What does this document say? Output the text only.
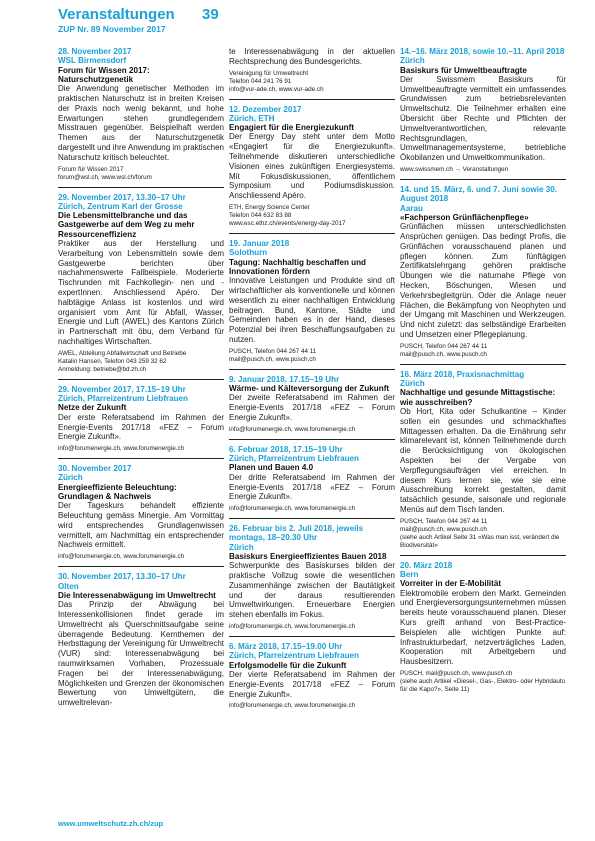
Veranstaltungen 39
ZUP Nr. 89 November 2017
28. November 2017
WSL Birmensdorf
Forum für Wissen 2017: Naturschutzgenetik
Die Anwendung genetischer Methoden im praktischen Naturschutz ist in breiten Kreisen der Praxis noch wenig bekannt, und hohe Erwartungen stehen grundlegendem Misstrauen gegenüber. Beispielhaft werden Themen aus der Naturschutzgenetik dargestellt und ihre Anwendung im praktischen Naturschutz kritisch beleuchtet.
Forum für Wissen 2017
forum@wsl.ch, www.wsl.ch/forum
29. November 2017, 13.30–17 Uhr
Zürich, Zentrum Karl der Grosse
Die Lebensmittelbranche und das Gastgewerbe auf dem Weg zu mehr Ressourceneffizienz
Praktiker aus der Herstellung und Verarbeitung von Lebensmitteln sowie dem Gastgewerbe berichten über nachahmenswerte Fallbeispiele. Moderierte Tischrunden mit Fachkollegin- nen und -expertInnen. Anschliessend Apéro. Der halbtägige Anlass ist kostenlos und wird organisiert vom Amt für Abfall, Wasser, Energie und Luft (AWEL) des Kantons Zürich in Partnerschaft mit öbu, dem Verband für nachhaltiges Wirtschaften.
AWEL, Abteilung Abfallwirtschaft und Betriebe
Katalin Hansen, Telefon 043 259 32 62
Anmeldung: betriebe@bd.zh.ch
29. November 2017, 17.15–19 Uhr
Zürich, Pfarreizentrum Liebfrauen
Netze der Zukunft
Der erste Referatsabend im Rahmen der Energie-Events 2017/18 «FEZ – Forum Energie Zukunft».
info@forumenergie.ch, www.forumenergie.ch
30. November 2017
Zürich
Energieeffiziente Beleuchtung: Grundlagen & Nachweis
Der Tageskurs behandelt effiziente Beleuchtung gemäss Minergie. Am Vormittag wird entsprechendes Grundlagenwissen vermittelt, am Nachmittag ein entsprechender Nachweis ermittelt.
info@forumenergie.ch, www.forumenergie.ch
30. November 2017, 13.30–17 Uhr
Olten
Die Interessenabwägung im Umweltrecht
Das Prinzip der Abwägung bei Interessenkollisionen findet gerade im Umweltrecht als Querschnittsaufgabe seine überragende Bedeutung. Kernthemen der Herbsttagung der Vereinigung für Umweltrecht (VUR) sind: Interessenabwägung bei raumwirksamen Vorhaben, Prozessuale Fragen bei der Interessenabwägung, Möglichkeiten und Grenzen der ökonomischen Bewertung von Umweltgütern, die umweltrelevan-
te Interessenabwägung in der aktuellen Rechtsprechung des Bundesgerichts.
Vereinigung für Umweltrecht
Telefon 044 241 76 91
info@vur-ade.ch, www.vur-ade.ch
12. Dezember 2017
Zürich, ETH
Engagiert für die Energiezukunft
Der Energy Day steht unter dem Motto «Engagiert für die Energiezukunft». Teilnehmende diskutieren unterschiedliche Visionen eines zukünftigen Energiesystems. Mit Fokusdiskussionen, öffentlichem Symposium und Podiumsdiskussion. Anschliessend Apéro.
ETH, Energy Science Center
Telefon 044 632 83 88
www.esc.ethz.ch/events/energy-day-2017
19. Januar 2018
Solothurn
Tagung: Nachhaltig beschaffen und Innovationen fördern
Innovative Leistungen und Produkte sind oft wirtschaftlicher als konventionelle und können wesentlich zu einer nachhaltigen Entwicklung beitragen. Bund, Kantone, Städte und Gemeinden haben es in der Hand, dieses Potenzial bei ihren Beschaffungsaufgaben zu nutzen.
PUSCH, Telefon 044 267 44 11
mail@pusch.ch, www.pusch.ch
9. Januar 2018, 17.15–19 Uhr
Wärme- und Kälteversorgung der Zukunft
Der zweite Referatsabend im Rahmen der Energie-Events 2017/18 «FEZ – Forum Energie Zukunft».
info@forumenergie.ch, www.forumenergie.ch
6. Februar 2018, 17.15–19 Uhr
Zürich, Pfarreizentrum Liebfrauen
Planen und Bauen 4.0
Der dritte Referatsabend im Rahmen der Energie-Events 2017/18 «FEZ – Forum Energie Zukunft».
info@forumenergie.ch, www.forumenergie.ch
26. Februar bis 2. Juli 2018, jeweils montags, 18–20.30 Uhr
Zürich
Basiskurs Energieeffizientes Bauen 2018
Schwerpunkte des Basiskurses bilden der praktische Vollzug sowie die wesentlichen Zusammenhänge zwischen der Bautätigkeit und der daraus resultierenden Umweltwirkungen. Erneuerbare Energien stehen ebenfalls im Fokus.
info@forumenergie.ch, www.forumenergie.ch
6. März 2018, 17.15–19.00 Uhr
Zürich, Pfarreizentrum Liebfrauen
Erfolgsmodelle für die Zukunft
Der vierte Referatsabend im Rahmen der Energie-Events 2017/18 «FEZ – Forum Energie Zukunft».
info@forumenergie.ch, www.forumenergie.ch
14.–16. März 2018, sowie 10.–11. April 2018
Zürich
Basiskurs für Umweltbeauftragte
Der Swissmem Basiskurs für Umweltbeauftragte vermittelt ein umfassendes Grundwissen zum betriebsrelevanten Umweltschutz. Die Teilnehmer erhalten eine Übersicht über Rechte und Pflichten der Umweltverantwortlichen, relevante Rechtsgrundlagen, Umweltmanagementsysteme, betriebliche Ökobilanzen und Umweltkommunikation.
www.swissmem.ch → Veranstaltungen
14. und 15. März, 6. und 7. Juni sowie 30. August 2018
Aarau
«Fachperson Grünflächenpflege»
Grünflächen müssen unterschiedlichsten Ansprüchen genügen. Das bedingt Profis, die Grünflächen vorausschauend planen und pflegen können. Zum fünftägigen Zertifikatslehrgang gehören praktische Übungen wie die naturnahe Pflege von Hecken, Böschungen, Wiesen und Verkehrsbegleitgrün. Oder die Anlage neuer Flächen, die Bekämpfung von Neophyten und der Umgang mit Maschinen und Werkzeugen. Und nicht zuletzt: das selbständige Erarbeiten und Umsetzen einer Pflegeplanung.
PUSCH, Telefon 044 267 44 11
mail@pusch.ch, www.pusch.ch
16. März 2018, Praxisnachmittag
Zürich
Nachhaltige und gesunde Mittagstische: wie ausschreiben?
Ob Hort, Kita oder Schulkantine – Kinder sollen ein gesundes und schmackhaftes Mittagessen erhalten. Da die Ernährung sehr klimarelevant ist, können Teilnehmende durch die Berücksichtigung von ökologischen Aspekten bei der Vergabe von Verpflegungsaufträgen viel erreichen. In diesem Kurs lernen sie, wie sie eine Ausschreibung korrekt gestalten, damit tatsächlich gesunde, saisonale und regionale Menüs auf dem Tisch landen.
PUSCH, Telefon 044 267 44 11
mail@pusch.ch, www.pusch.ch
(siehe auch Artikel Seite 31 «Was man isst, verändert die Biodiversität»
20. März 2018
Bern
Vorreiter in der E-Mobilität
Elektromobile erobern den Markt. Gemeinden und Energieversorgungsunternehmen müssen bereits heute vorausschauend planen. Dieser Kurs greift anhand von Best-Practice-Beispielen alle wichtigen Punkte auf: Infrastrukturbedarf, netzverträgliches Laden, Kooperation mit Arbeitgebern und Hausbesitzern.
PUSCH, mail@pusch.ch, www.pusch.ch
(siehe auch Artikel «Diesel-, Gas-, Elektro- oder Hybridauto für die Kapo?», Seite 11)
www.umweltschutz.zh.ch/zup
